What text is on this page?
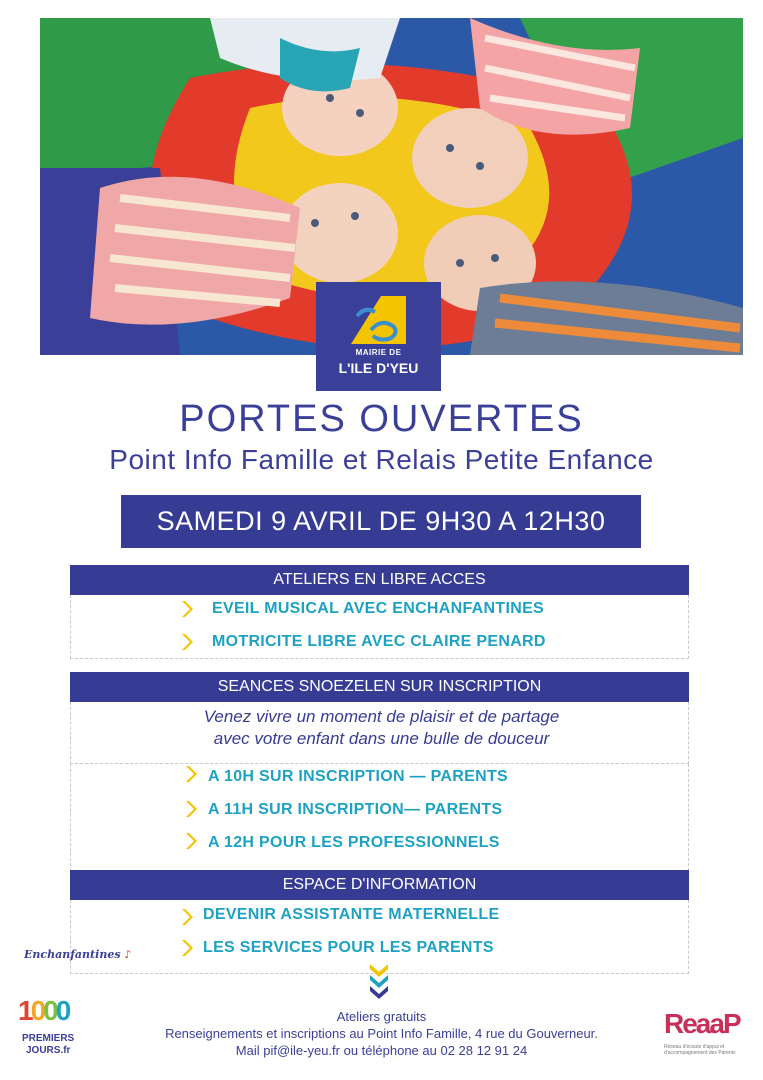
MAIRIE DE
L'ILE D'YEU
PORTES OUVERTES
Point Info Famille et Relais Petite Enfance
SAMEDI 9 AVRIL DE 9H30 A 12H30
ATELIERS EN LIBRE ACCES
EVEIL MUSICAL AVEC ENCHANFANTINES
MOTRICITE LIBRE AVEC CLAIRE PENARD
SEANCES SNOEZELEN SUR INSCRIPTION
Venez vivre un moment de plaisir et de partage
avec votre enfant dans une bulle de douceur
A 10H SUR INSCRIPTION — PARENTS
A 11H SUR INSCRIPTION— PARENTS
A 12H POUR LES PROFESSIONNELS
ESPACE D'INFORMATION
DEVENIR ASSISTANTE MATERNELLE
LES SERVICES POUR LES PARENTS
Ateliers gratuits
Renseignements et inscriptions au Point Info Famille, 4 rue du Gouverneur.
Mail pif@ile-yeu.fr ou téléphone au 02 28 12 91 24
Enchanfantines ♪
1000
PREMIERS
JOURS.fr
ReaaP
Réseau d'écoute d'appui et d'accompagnement des Parents
